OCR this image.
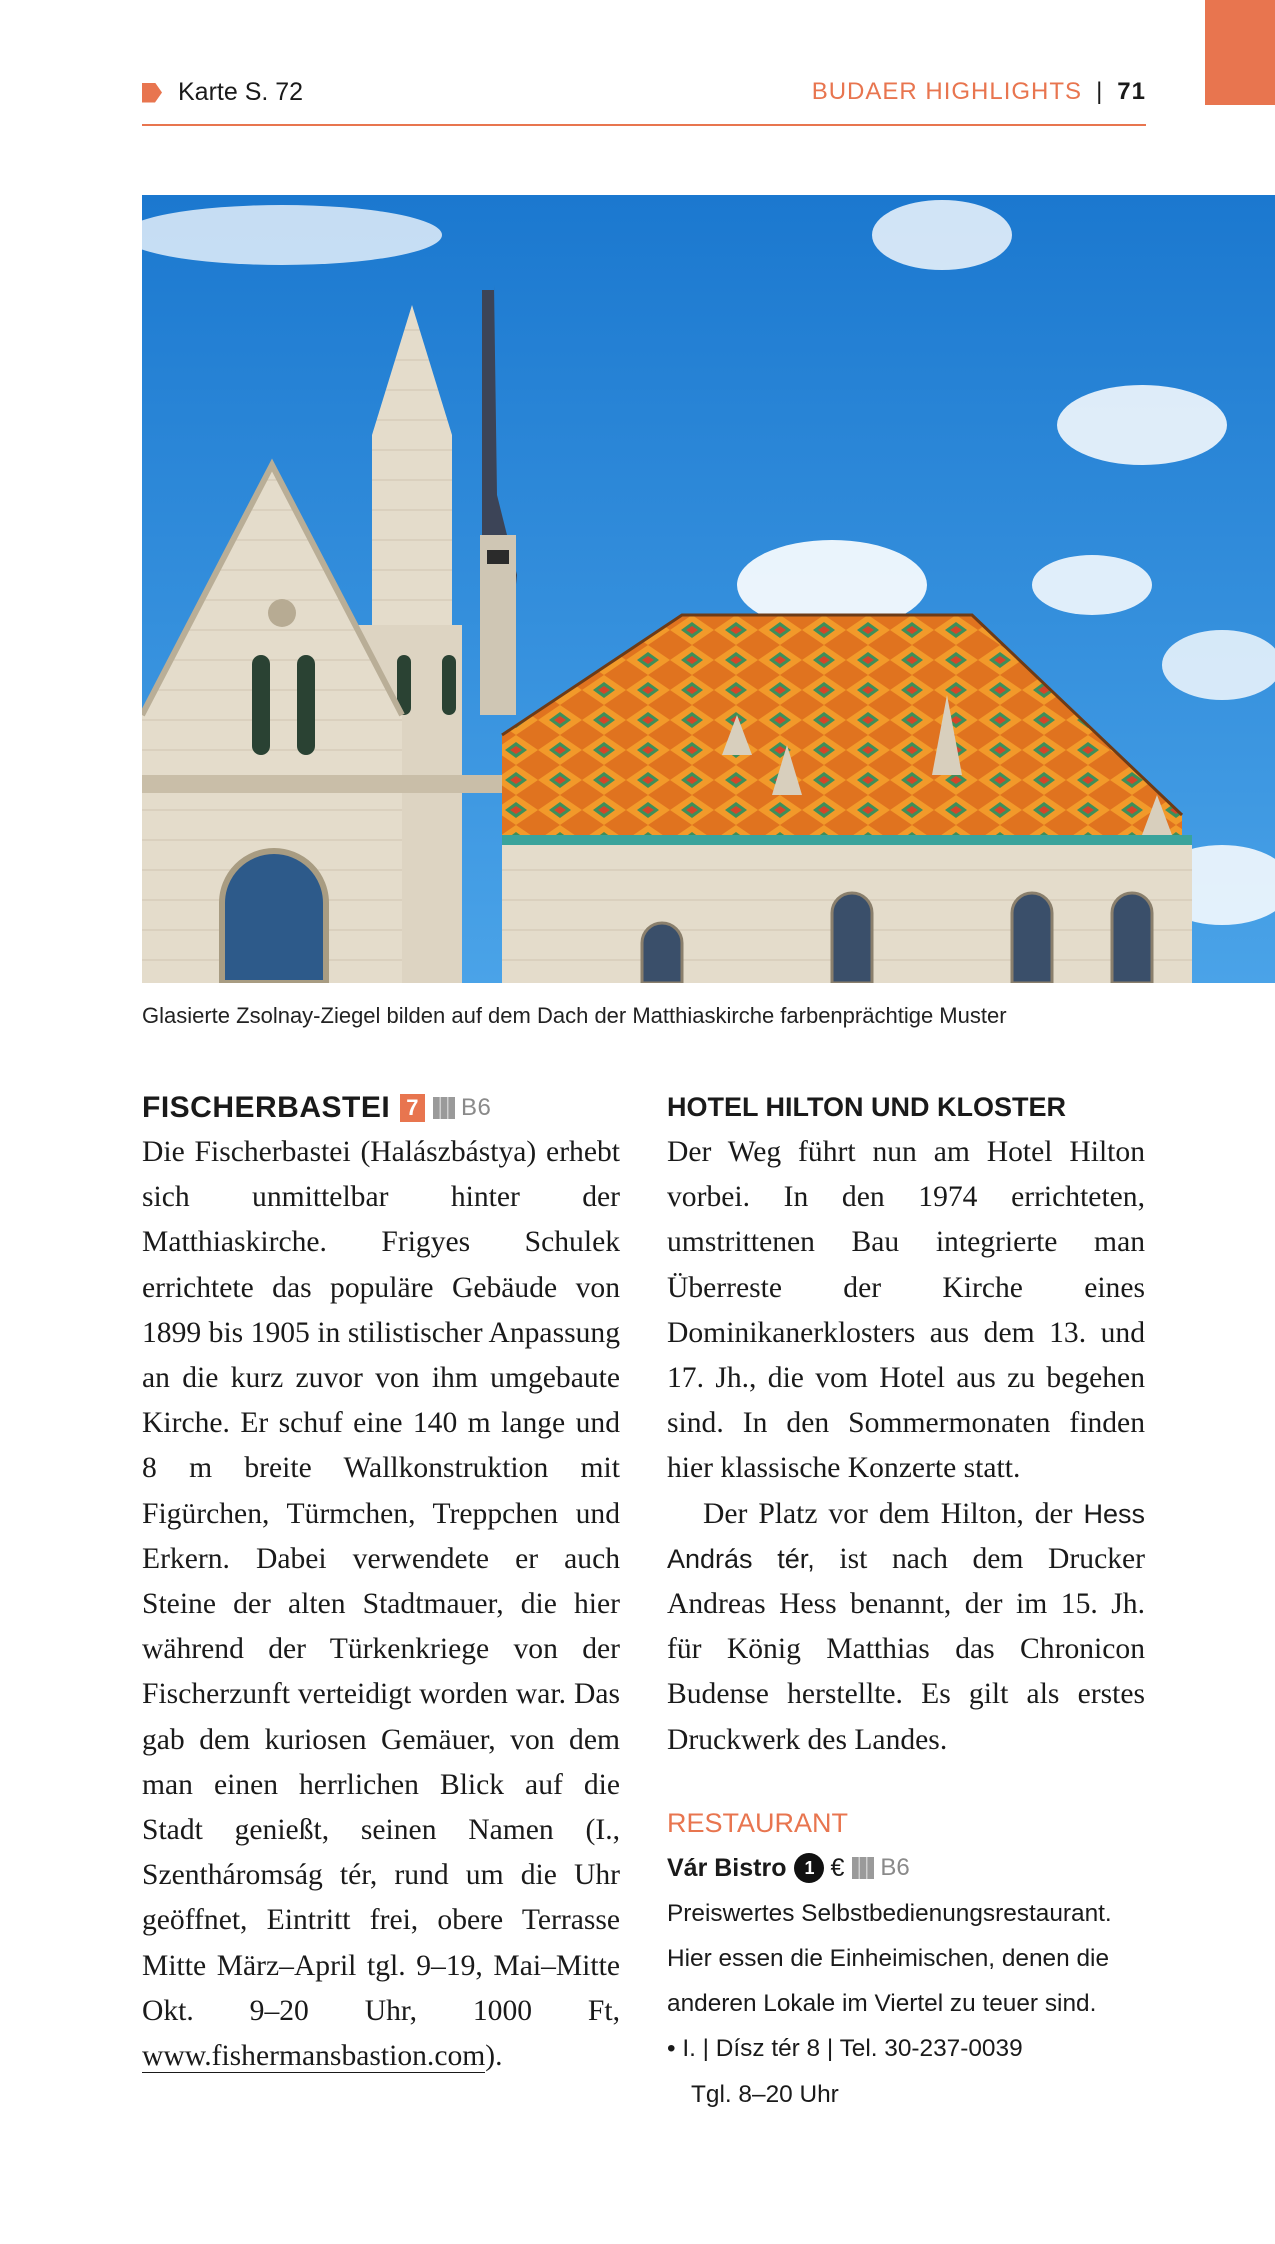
Karte S. 72	BUDAER HIGHLIGHTS | 71
Glasierte Zsolnay-Ziegel bilden auf dem Dach der Matthiaskirche farbenprächtige Muster
FISCHERBASTEI 7 B6
Die Fischerbastei (Halászbástya) erhebt sich unmittelbar hinter der Matthiaskirche. Frigyes Schulek errichtete das populäre Gebäude von 1899 bis 1905 in stilistischer Anpassung an die kurz zuvor von ihm umgebaute Kirche. Er schuf eine 140 m lange und 8 m breite Wallkonstruktion mit Figürchen, Türmchen, Treppchen und Erkern. Dabei verwendete er auch Steine der alten Stadtmauer, die hier während der Türkenkriege von der Fischerzunft verteidigt worden war. Das gab dem kuriosen Gemäuer, von dem man einen herrlichen Blick auf die Stadt genießt, seinen Namen (I., Szentháromság tér, rund um die Uhr geöffnet, Eintritt frei, obere Terrasse Mitte März–April tgl. 9–19, Mai–Mitte Okt. 9–20 Uhr, 1000 Ft, www.fishermansbastion.com).
HOTEL HILTON UND KLOSTER

Der Weg führt nun am Hotel Hilton vorbei. In den 1974 errichteten, umstrittenen Bau integrierte man Überreste der Kirche eines Dominikanerklosters aus dem 13. und 17. Jh., die vom Hotel aus zu begehen sind. In den Sommermonaten finden hier klassische Konzerte statt.

Der Platz vor dem Hilton, der Hess András tér, ist nach dem Drucker Andreas Hess benannt, der im 15. Jh. für König Matthias das Chronicon Budense herstellte. Es gilt als erstes Druckwerk des Landes.

RESTAURANT
Vár Bistro 1 € B6
Preiswertes Selbstbedienungsrestaurant. Hier essen die Einheimischen, denen die anderen Lokale im Viertel zu teuer sind.
• I. | Dísz tér 8 | Tel. 30-237-0039
Tgl. 8–20 Uhr
